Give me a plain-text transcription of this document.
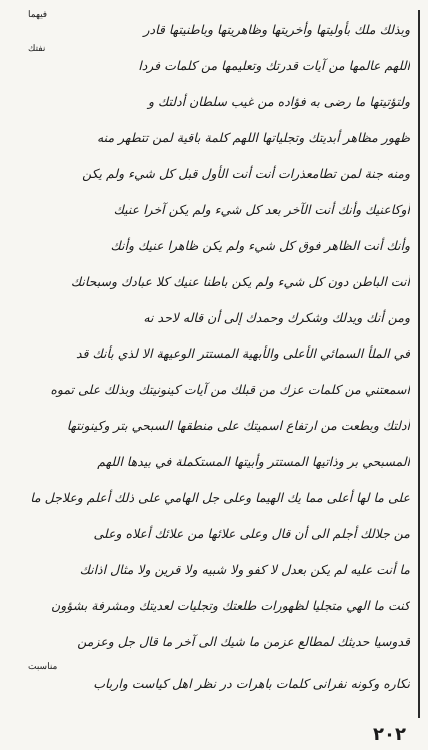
فيهما
وبذلك ملك بأوليتها وأخريتها وظاهريتها وباطنيتها قادر
نفتك
اللهم عالمها من آيات قدرتك وتعليمها من كلمات فردا
ولتؤتيتها ما رضى به فؤاده من غيب سلطان أدلتك و
ظهور مظاهر أبديتك وتجلياتها اللهم كلمة باقية لمن تتطهر منه
ومنه جنة لمن تطامعذرات أنت أنت الأول قبل كل شيء ولم يكن
أوكاعنيك وأنك أنت الآخر بعد كل شيء ولم يكن آخرا عنيك
وأنك أنت الظاهر فوق كل شيء ولم يكن ظاهرا عنيك وأنك
أنت الباطن دون كل شيء ولم يكن باطنا عنيك كلا عبادك وسبحانك
ومن أنك ويدلك وشكرك وحمدك إلى أن قاله لاحد نه
في الملأ السمائي الأعلى والأبهية المستتر الوعيهة الا لذي بأنك قد
اسمعتني من كلمات عزك من قبلك من آيات كينونيتك وبذلك على تموه
أدلتك وبطعت من ارتفاع اسميتك على منطقها السبحي بتر وكينونتها
المسبحي بر وذاتيها المستتر وأبيتها المستكملة في بيدها اللهم
على ما لها أعلى مما يك الهيما وعلى جل الهامي على ذلك أعلم وعلاجل ما
من جلالك أجلم الى أن قال وعلى علائها من علائك أعلاه وعلى
ما أنت عليه لم يكن بعدل لا كفو ولا شبيه ولا قرين ولا مثال اذانك
كنت ما الهي متجليا لظهورات طلعتك وتجليات لعديتك ومشرفة بشؤون
قدوسيا حديثك لمطالع عزمن ما شيك الى آخر ما قال جل وعزمن
مناسبت
نكاره وكونه نفرانی کلمات باهرات در نظر اهل کیاست وارباب
٢٠٢
